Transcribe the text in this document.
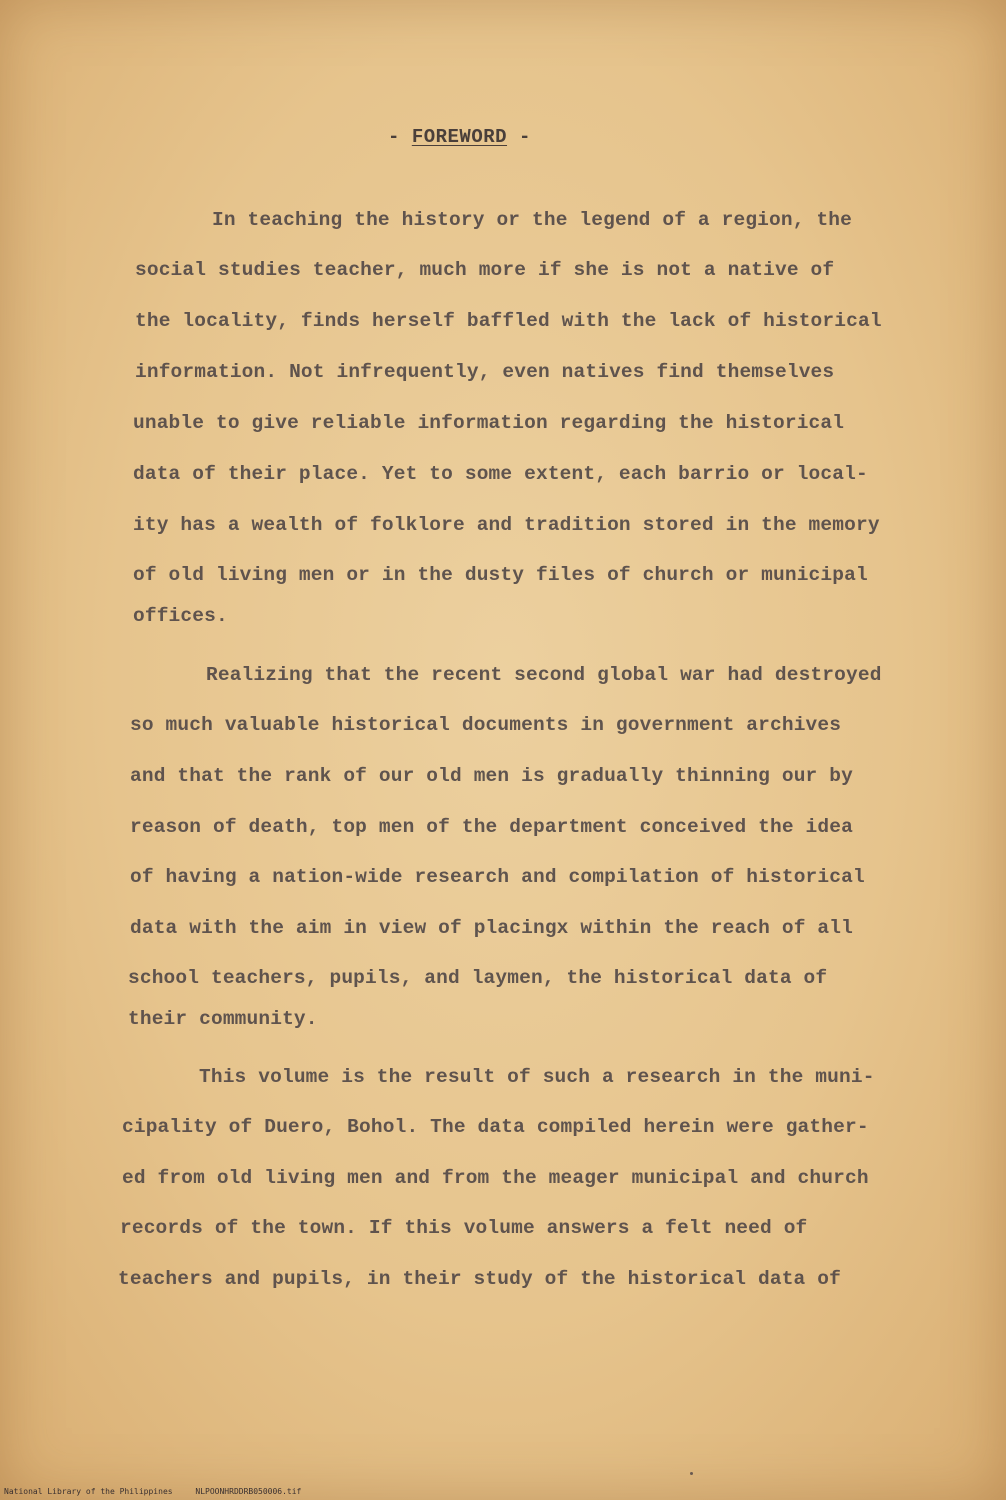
- FOREWORD -
In teaching the history or the legend of a region, the
social studies teacher, much more if she is not a native of
the locality, finds herself baffled with the lack of historical
information. Not infrequently, even natives find themselves
unable to give reliable information regarding the historical
data of their place. Yet to some extent, each barrio or local-
ity has a wealth of folklore and tradition stored in the memory
of old living men or in the dusty files of church or municipal
offices.
Realizing that the recent second global war had destroyed
so much valuable historical documents in government archives
and that the rank of our old men is gradually thinning our by
reason of death, top men of the department conceived the idea
of having a nation-wide research and compilation of historical
data with the aim in view of placingx within the reach of all
school teachers, pupils, and laymen, the historical data of
their community.
This volume is the result of such a research in the muni-
cipality of Duero, Bohol. The data compiled herein were gather-
ed from old living men and from the meager municipal and church
records of the town. If this volume answers a felt need of
teachers and pupils, in their study of the historical data of
National Library of the Philippines	NLPOONHRDDRB050006.tif
